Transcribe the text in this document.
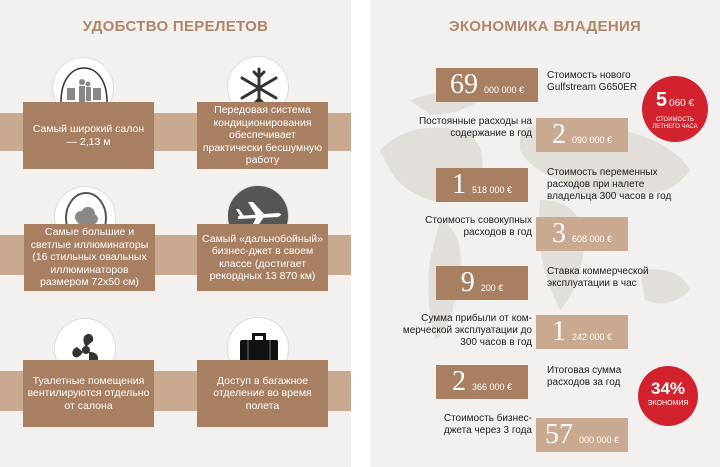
УДОБСТВО ПЕРЕЛЕТОВ
Самый широкий салон — 2,13 м
Передовая система кондиционирования обеспечивает практически бесшумную работу
Самые большие и светлые иллюминаторы (16 стильных овальных иллюминаторов размером 72х50 см)
Самый «дальнобойный» бизнес-джет в своем классе (достигает рекордных 13 870 км)
Туалетные помещения вентилируются отдельно от салона
Доступ в багажное отделение во время полета
ЭКОНОМИКА ВЛАДЕНИЯ
69 000 000 €
Стоимость нового Gulfstream G650ER
5 060 €
СТОИМОСТЬ ЛЕТНЕГО ЧАСА
Постоянные расходы на содержание в год 2 090 000 €
1 518 000 €
Стоимость переменных расходов при налете владельца 300 часов в год
Стоимость совокупных расходов в год 3 608 000 €
9 200 €
Ставка коммерческой эксплуатации в час
Сумма прибыли от коммерческой эксплуатации до 300 часов в год 1 242 000 €
2 366 000 €
Итоговая сумма расходов за год	34%
ЭКОНОМИЯ
Стоимость бизнес-джета через 3 года 57 000 000 €
